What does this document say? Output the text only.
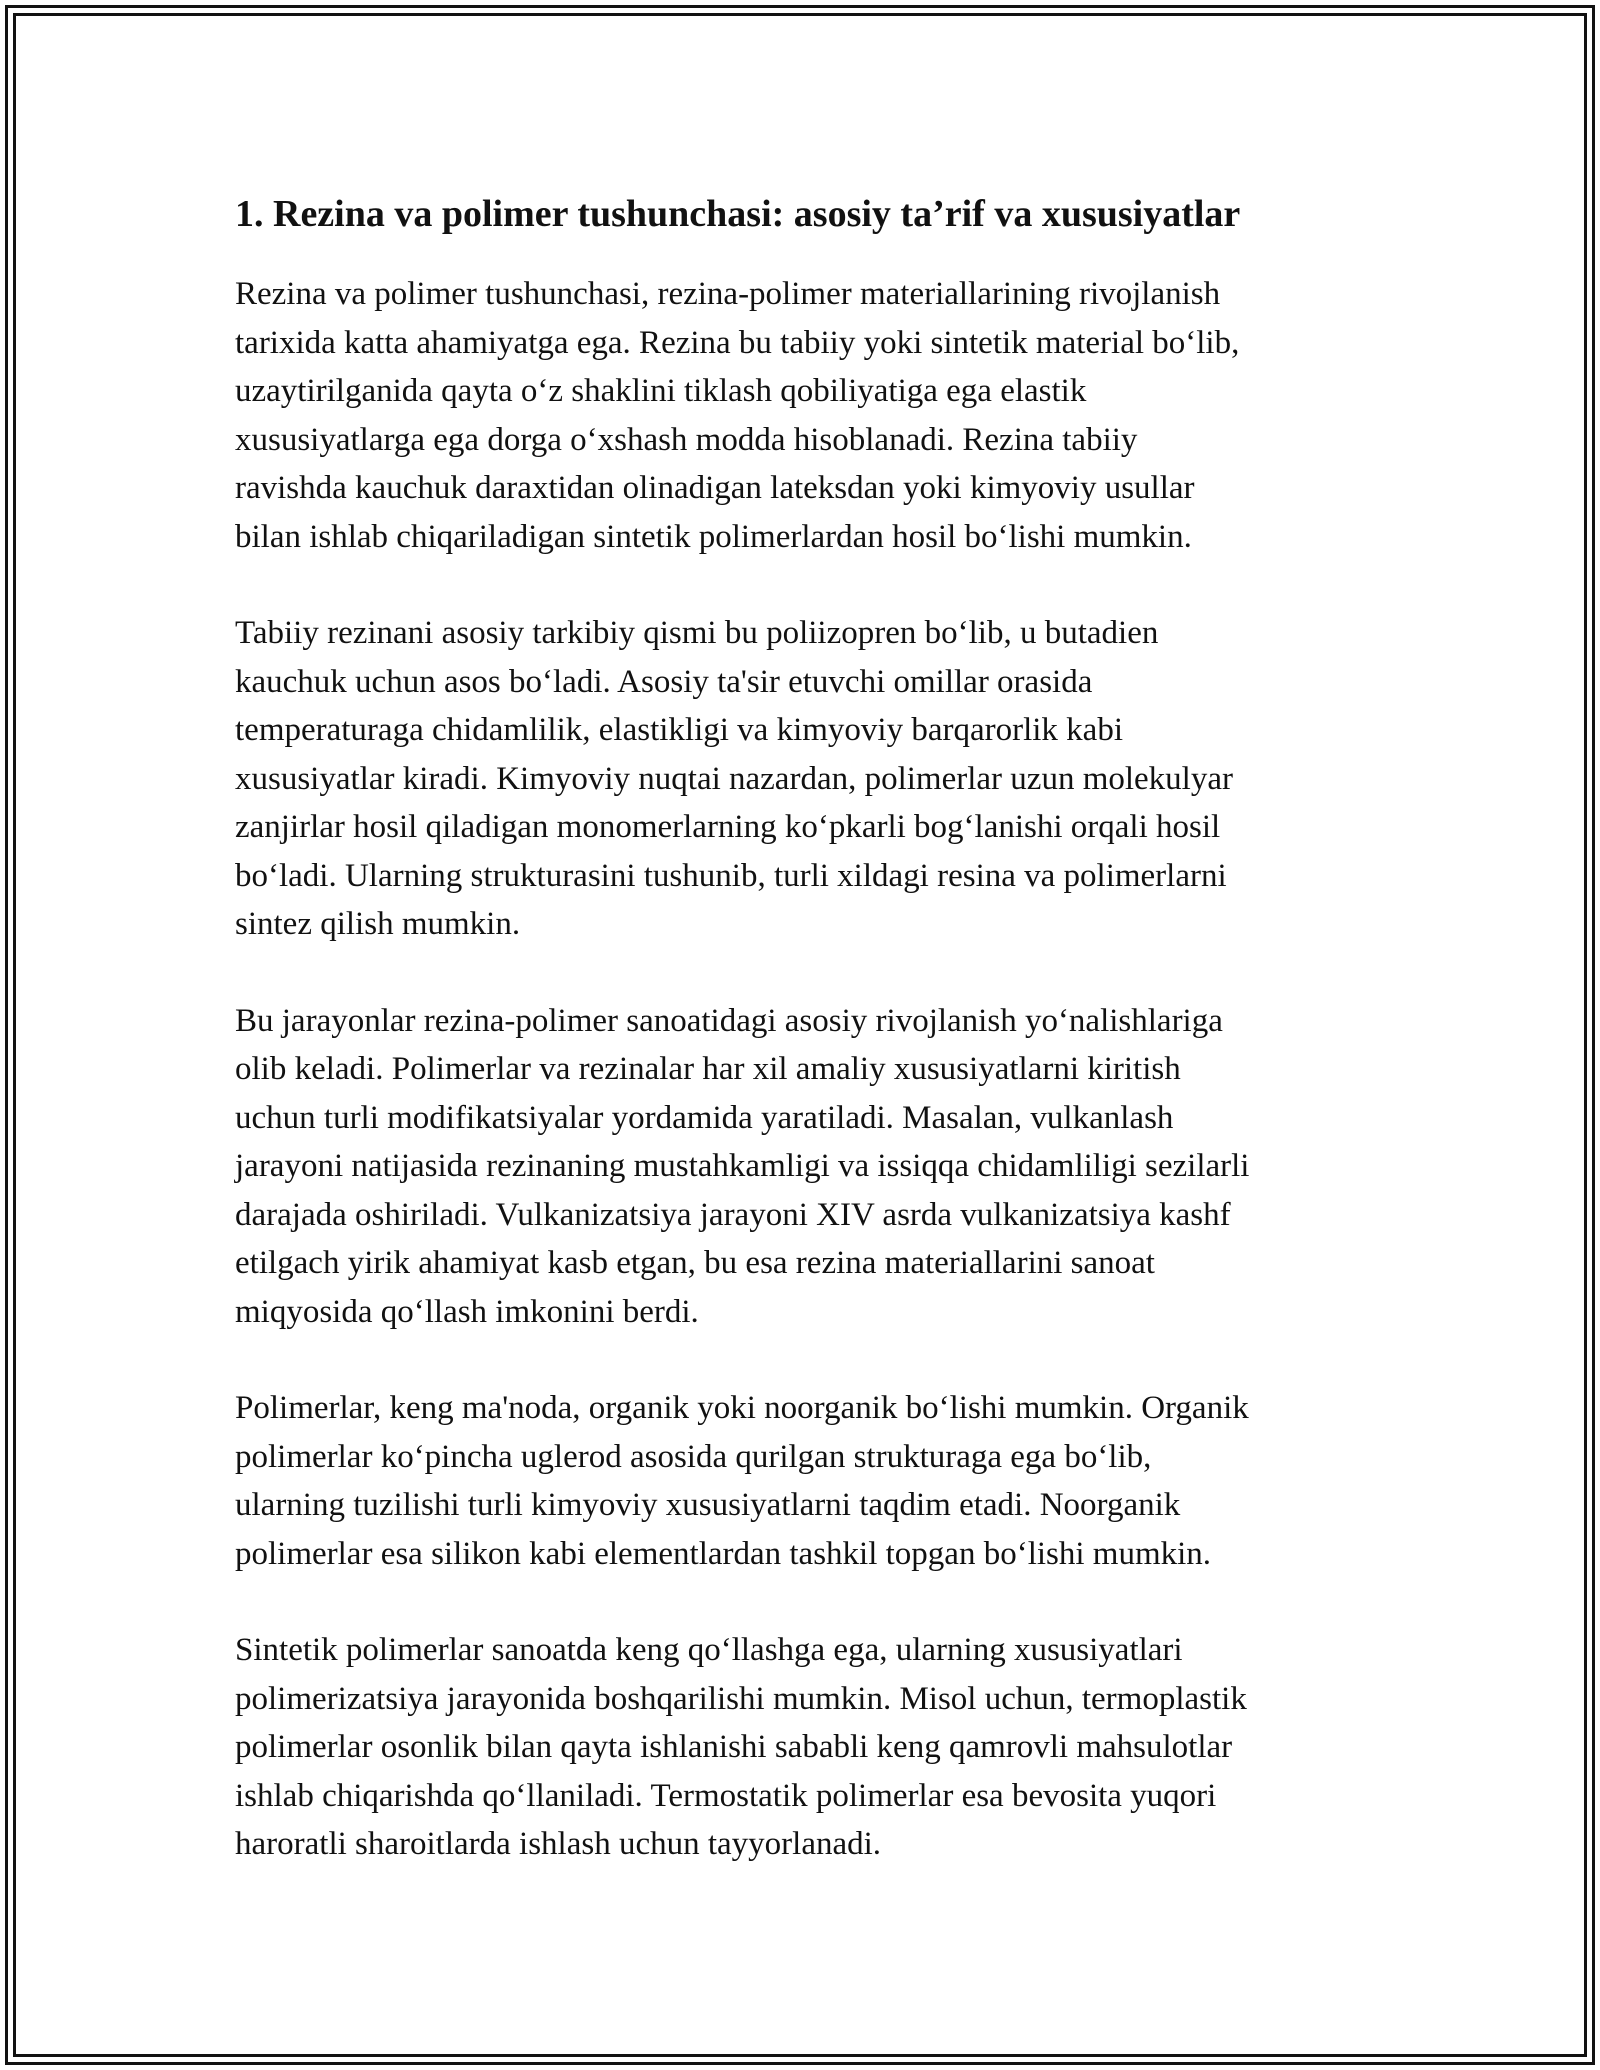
1. Rezina va polimer tushunchasi: asosiy ta’rif va xususiyatlar

Rezina va polimer tushunchasi, rezina-polimer materiallarining rivojlanish
tarixida katta ahamiyatga ega. Rezina bu tabiiy yoki sintetik material bo‘lib,
uzaytirilganida qayta o‘z shaklini tiklash qobiliyatiga ega elastik
xususiyatlarga ega dorga o‘xshash modda hisoblanadi. Rezina tabiiy
ravishda kauchuk daraxtidan olinadigan lateksdan yoki kimyoviy usullar
bilan ishlab chiqariladigan sintetik polimerlardan hosil bo‘lishi mumkin.

Tabiiy rezinani asosiy tarkibiy qismi bu poliizopren bo‘lib, u butadien
kauchuk uchun asos bo‘ladi. Asosiy ta'sir etuvchi omillar orasida
temperaturaga chidamlilik, elastikligi va kimyoviy barqarorlik kabi
xususiyatlar kiradi. Kimyoviy nuqtai nazardan, polimerlar uzun molekulyar
zanjirlar hosil qiladigan monomerlarning ko‘pkarli bog‘lanishi orqali hosil
bo‘ladi. Ularning strukturasini tushunib, turli xildagi resina va polimerlarni
sintez qilish mumkin.

Bu jarayonlar rezina-polimer sanoatidagi asosiy rivojlanish yo‘nalishlariga
olib keladi. Polimerlar va rezinalar har xil amaliy xususiyatlarni kiritish
uchun turli modifikatsiyalar yordamida yaratiladi. Masalan, vulkanlash
jarayoni natijasida rezinaning mustahkamligi va issiqqa chidamliligi sezilarli
darajada oshiriladi. Vulkanizatsiya jarayoni XIV asrda vulkanizatsiya kashf
etilgach yirik ahamiyat kasb etgan, bu esa rezina materiallarini sanoat
miqyosida qo‘llash imkonini berdi.

Polimerlar, keng ma'noda, organik yoki noorganik bo‘lishi mumkin. Organik
polimerlar ko‘pincha uglerod asosida qurilgan strukturaga ega bo‘lib,
ularning tuzilishi turli kimyoviy xususiyatlarni taqdim etadi. Noorganik
polimerlar esa silikon kabi elementlardan tashkil topgan bo‘lishi mumkin.

Sintetik polimerlar sanoatda keng qo‘llashga ega, ularning xususiyatlari
polimerizatsiya jarayonida boshqarilishi mumkin. Misol uchun, termoplastik
polimerlar osonlik bilan qayta ishlanishi sababli keng qamrovli mahsulotlar
ishlab chiqarishda qo‘llaniladi. Termostatik polimerlar esa bevosita yuqori
haroratli sharoitlarda ishlash uchun tayyorlanadi.
